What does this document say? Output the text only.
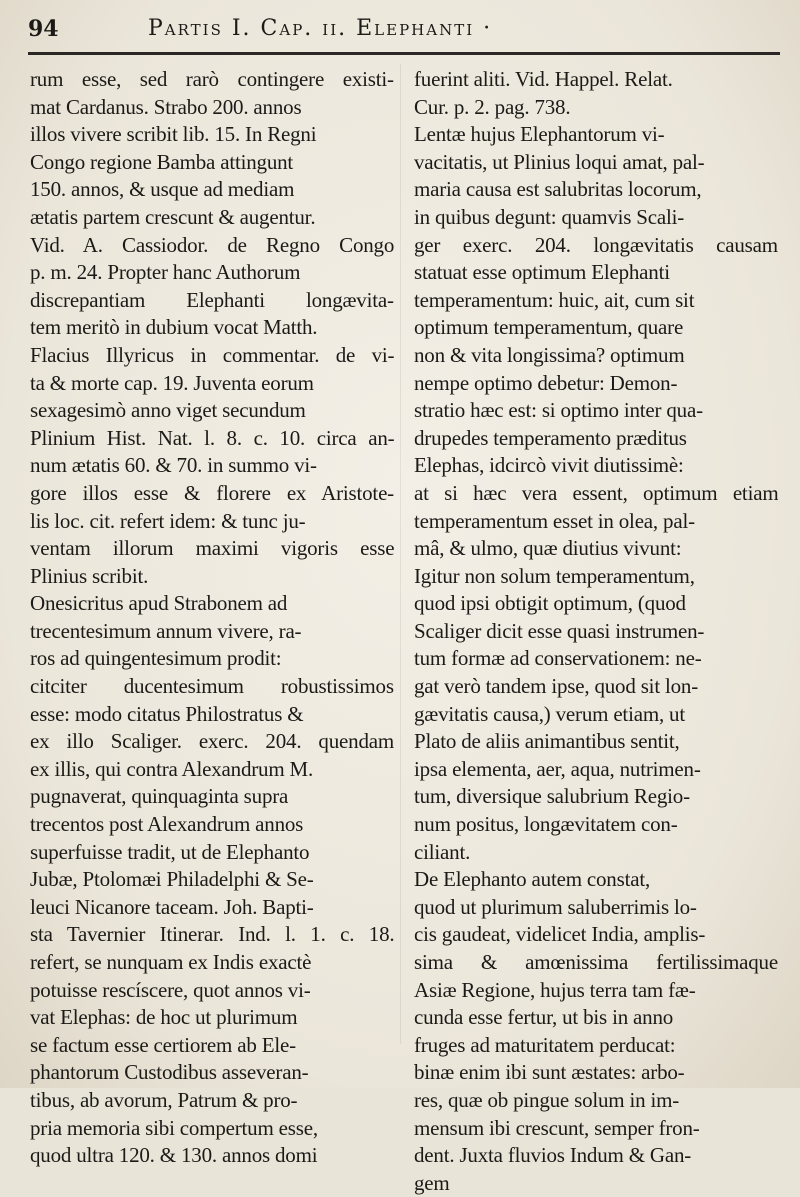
94	Partis I. Cap. ii. Elephanti ·
rum esse, sed rarò contingere existi-
mat Cardanus. Strabo 200. annos
illos vivere scribit lib. 15. In Regni
Congo regione Bamba attingunt
150. annos, & usque ad mediam
ætatis partem crescunt & augentur.
Vid. A. Cassiodor. de Regno Congo
p. m. 24. Propter hanc Authorum
discrepantiam Elephanti longævita-
tem meritò in dubium vocat Matth.
Flacius Illyricus in commentar. de vi-
ta & morte cap. 19. Juventa eorum
sexagesimò anno viget secundum
Plinium Hist. Nat. l. 8. c. 10. circa an-
num ætatis 60. & 70. in summo vi-
gore illos esse & florere ex Aristote-
lis loc. cit. refert idem: & tunc ju-
ventam illorum maximi vigoris esse
Plinius scribit.
Onesicritus apud Strabonem ad
trecentesimum annum vivere, ra-
ros ad quingentesimum prodit:
citciter ducentesimum robustissimos
esse: modo citatus Philostratus &
ex illo Scaliger. exerc. 204. quendam
ex illis, qui contra Alexandrum M.
pugnaverat, quinquaginta supra
trecentos post Alexandrum annos
superfuisse tradit, ut de Elephanto
Jubæ, Ptolomæi Philadelphi & Se-
leuci Nicanore taceam. Joh. Bapti-
sta Tavernier Itinerar. Ind. l. 1. c. 18.
refert, se nunquam ex Indis exactè
potuisse rescíscere, quot annos vi-
vat Elephas: de hoc ut plurimum
se factum esse certiorem ab Ele-
phantorum Custodibus asseveran-
tibus, ab avorum, Patrum & pro-
pria memoria sibi compertum esse,
quod ultra 120. & 130. annos domi
fuerint aliti. Vid. Happel. Relat.
Cur. p. 2. pag. 738.
Lentæ hujus Elephantorum vi-
vacitatis, ut Plinius loqui amat, pal-
maria causa est salubritas locorum,
in quibus degunt: quamvis Scali-
ger exerc. 204. longævitatis causam
statuat esse optimum Elephanti
temperamentum: huic, ait, cum sit
optimum temperamentum, quare
non & vita longissima? optimum
nempe optimo debetur: Demon-
stratio hæc est: si optimo inter qua-
drupedes temperamento præditus
Elephas, idcircò vivit diutissimè:
at si hæc vera essent, optimum etiam
temperamentum esset in olea, pal-
mâ, & ulmo, quæ diutius vivunt:
Igitur non solum temperamentum,
quod ipsi obtigit optimum, (quod
Scaliger dicit esse quasi instrumen-
tum formæ ad conservationem: ne-
gat verò tandem ipse, quod sit lon-
gævitatis causa,) verum etiam, ut
Plato de aliis animantibus sentit,
ipsa elementa, aer, aqua, nutrimen-
tum, diversique salubrium Regio-
num positus, longævitatem con-
ciliant.
De Elephanto autem constat,
quod ut plurimum saluberrimis lo-
cis gaudeat, videlicet India, amplis-
sima & amœnissima fertilissimaque
Asiæ Regione, hujus terra tam fæ-
cunda esse fertur, ut bis in anno
fruges ad maturitatem perducat:
binæ enim ibi sunt æstates: arbo-
res, quæ ob pingue solum in im-
mensum ibi crescunt, semper fron-
dent. Juxta fluvios Indum & Gan-
gem
